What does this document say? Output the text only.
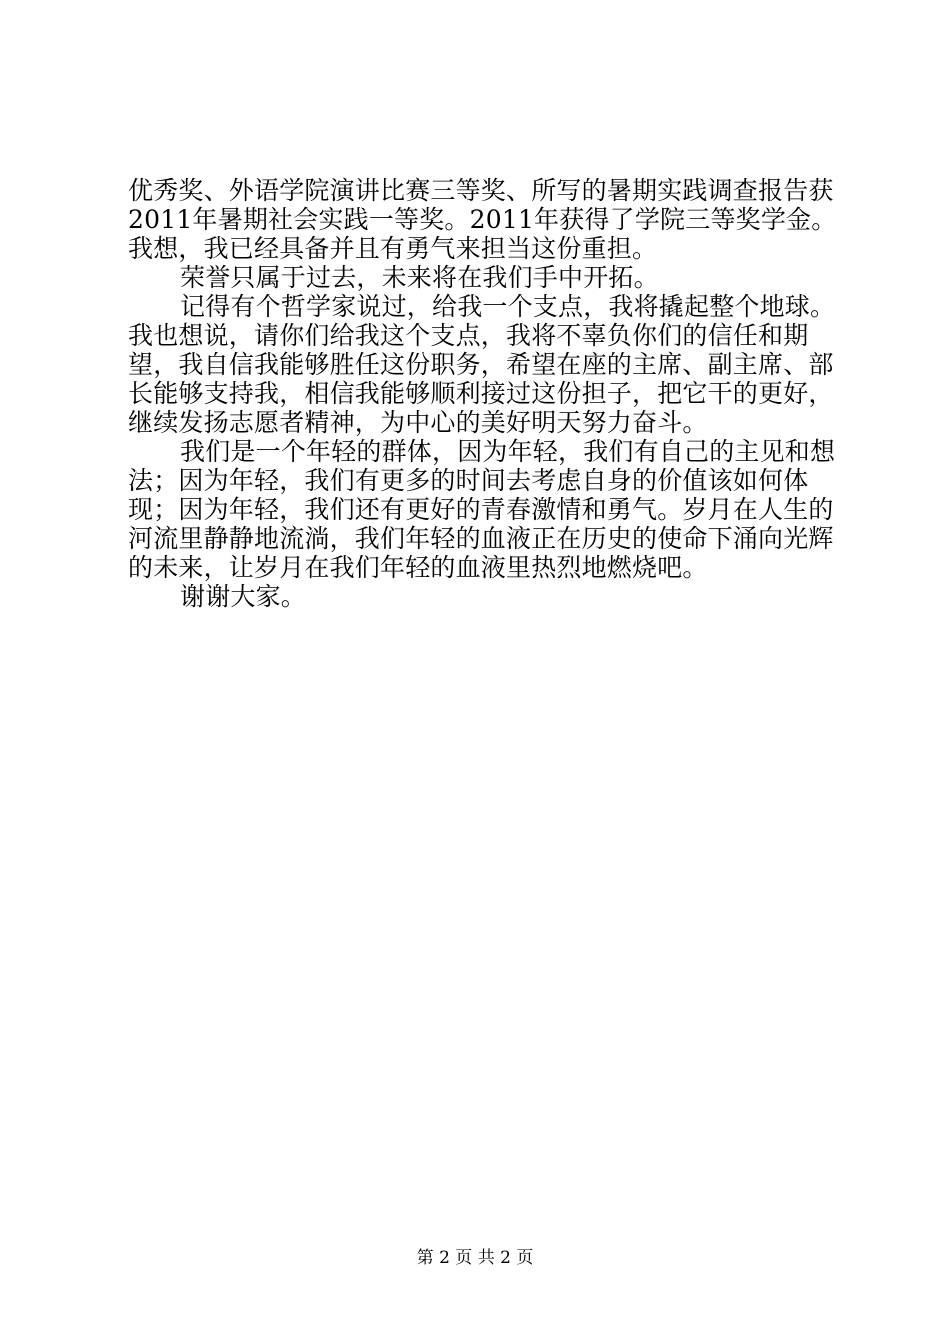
优秀奖、外语学院演讲比赛三等奖、所写的暑期实践调查报告获2011年暑期社会实践一等奖。2011年获得了学院三等奖学金。我想，我已经具备并且有勇气来担当这份重担。

荣誉只属于过去，未来将在我们手中开拓。

记得有个哲学家说过，给我一个支点，我将撬起整个地球。我也想说，请你们给我这个支点，我将不辜负你们的信任和期望，我自信我能够胜任这份职务，希望在座的主席、副主席、部长能够支持我，相信我能够顺利接过这份担子，把它干的更好，继续发扬志愿者精神，为中心的美好明天努力奋斗。

我们是一个年轻的群体，因为年轻，我们有自己的主见和想法；因为年轻，我们有更多的时间去考虑自身的价值该如何体现；因为年轻，我们还有更好的青春激情和勇气。岁月在人生的河流里静静地流淌，我们年轻的血液正在历史的使命下涌向光辉的未来，让岁月在我们年轻的血液里热烈地燃烧吧。

谢谢大家。

第 2 页 共 2 页
